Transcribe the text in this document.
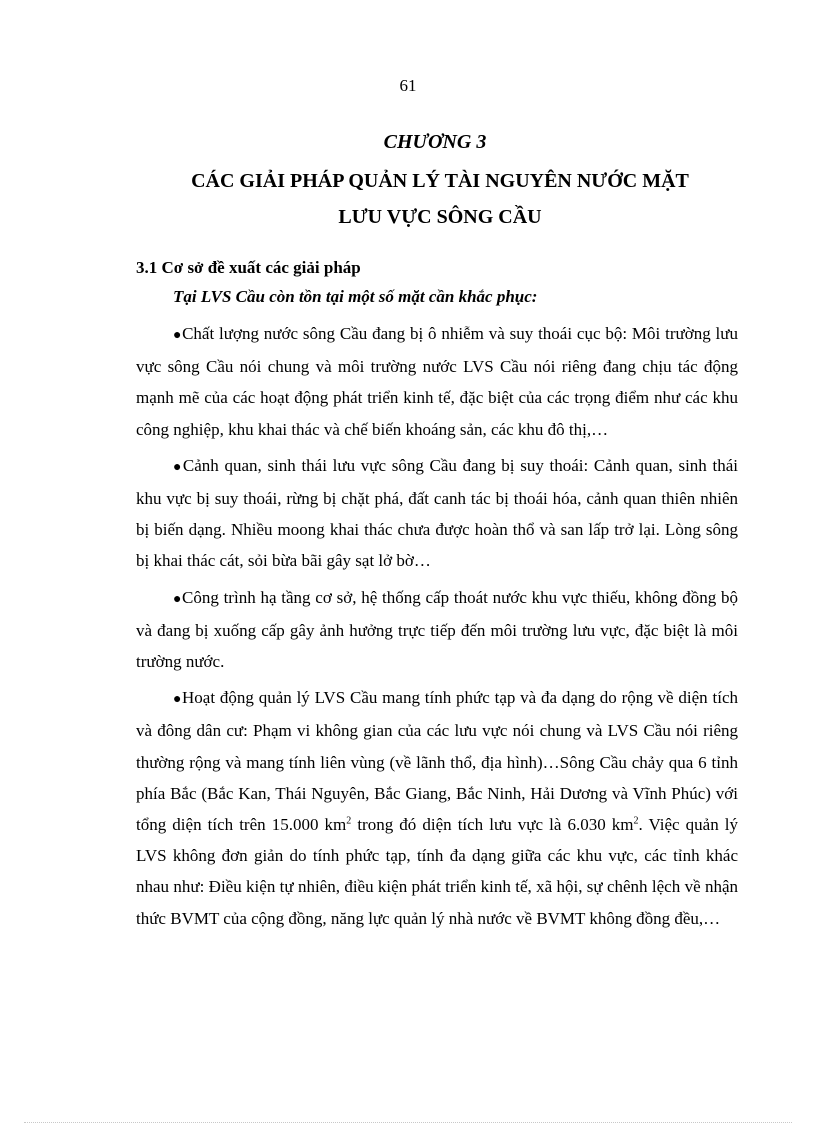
61
CHƯƠNG 3
CÁC GIẢI PHÁP QUẢN LÝ TÀI NGUYÊN NƯỚC MẶT
LƯU VỰC SÔNG CẦU
3.1 Cơ sở đề xuất các giải pháp
Tại LVS Cầu còn tồn tại một số mặt cần khắc phục:

●Chất lượng nước sông Cầu đang bị ô nhiễm và suy thoái cục bộ: Môi trường lưu vực sông Cầu nói chung và môi trường nước LVS Cầu nói riêng đang chịu tác động mạnh mẽ của các hoạt động phát triển kinh tế, đặc biệt của các trọng điểm như các khu công nghiệp, khu khai thác và chế biến khoáng sản, các khu đô thị,…

●Cảnh quan, sinh thái lưu vực sông Cầu đang bị suy thoái: Cảnh quan, sinh thái khu vực bị suy thoái, rừng bị chặt phá, đất canh tác bị thoái hóa, cảnh quan thiên nhiên bị biến dạng. Nhiều moong khai thác chưa được hoàn thổ và san lấp trở lại. Lòng sông bị khai thác cát, sỏi bừa bãi gây sạt lở bờ…

●Công trình hạ tầng cơ sở, hệ thống cấp thoát nước khu vực thiếu, không đồng bộ và đang bị xuống cấp gây ảnh hưởng trực tiếp đến môi trường lưu vực, đặc biệt là môi trường nước.

●Hoạt động quản lý LVS Cầu mang tính phức tạp và đa dạng do rộng về diện tích và đông dân cư: Phạm vi không gian của các lưu vực nói chung và LVS Cầu nói riêng thường rộng và mang tính liên vùng (về lãnh thổ, địa hình)…Sông Cầu chảy qua 6 tỉnh phía Bắc (Bắc Kan, Thái Nguyên, Bắc Giang, Bắc Ninh, Hải Dương và Vĩnh Phúc) với tổng diện tích trên 15.000 $km^2$ trong đó diện tích lưu vực là 6.030 $km^2$. Việc quản lý LVS không đơn giản do tính phức tạp, tính đa dạng giữa các khu vực, các tỉnh khác nhau như: Điều kiện tự nhiên, điều kiện phát triển kinh tế, xã hội, sự chênh lệch về nhận thức BVMT của cộng đồng, năng lực quản lý nhà nước về BVMT không đồng đều,…
